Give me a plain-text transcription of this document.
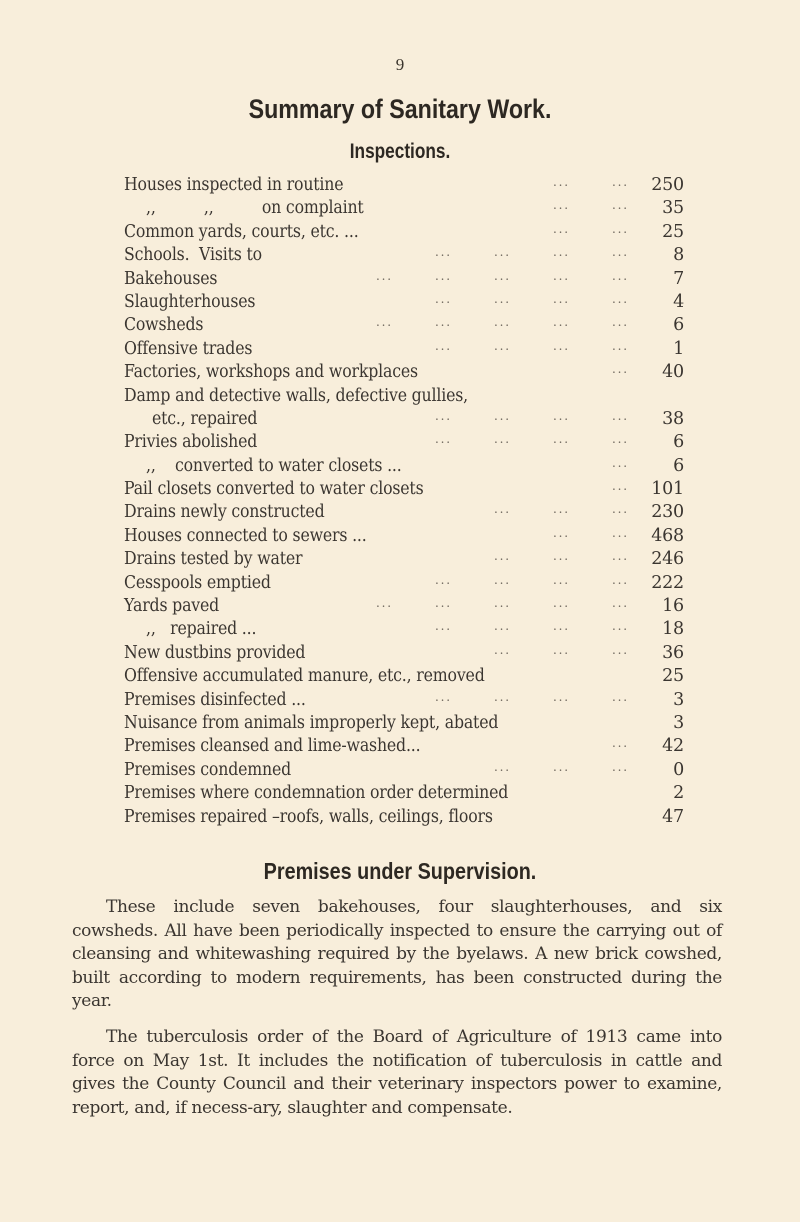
9
Summary of Sanitary Work.
Inspections.
Houses inspected in routine	. . .	. . .	250
,,          ,,          on complaint	. . .	. . .	35
Common yards, courts, etc. ...	. . .	. . .	25
Schools.  Visits to	. . .	. . .	. . .	. . .	8
Bakehouses	. . .	. . .	. . .	. . .	. . .	7
Slaughterhouses	. . .	. . .	. . .	. . .	4
Cowsheds	. . .	. . .	. . .	. . .	. . .	6
Offensive trades	. . .	. . .	. . .	. . .	1
Factories, workshops and workplaces	. . .	40
Damp and detective walls, defective gullies,
etc., repaired	. . .	. . .	. . .	. . .	38
Privies abolished	. . .	. . .	. . .	. . .	6
,,    converted to water closets ...	. . .	6
Pail closets converted to water closets	. . .	101
Drains newly constructed	. . .	. . .	. . .	230
Houses connected to sewers ...	. . .	. . .	468
Drains tested by water	. . .	. . .	. . .	246
Cesspools emptied	. . .	. . .	. . .	. . .	222
Yards paved	. . .	. . .	. . .	. . .	. . .	16
,,   repaired ...	. . .	. . .	. . .	. . .	18
New dustbins provided	. . .	. . .	. . .	36
Offensive accumulated manure, etc., removed	25
Premises disinfected ...	. . .	. . .	. . .	. . .	3
Nuisance from animals improperly kept, abated	3
Premises cleansed and lime-washed...	. . .	42
Premises condemned	. . .	. . .	. . .	0
Premises where condemnation order determined	2
Premises repaired –roofs, walls, ceilings, floors	47
Premises under Supervision.
These include seven bakehouses, four slaughterhouses, and six cowsheds. All have been periodically inspected to ensure the carrying out of cleansing and whitewashing required by the byelaws. A new brick cowshed, built according to modern requirements, has been constructed during the year.
The tuberculosis order of the Board of Agriculture of 1913 came into force on May 1st. It includes the notification of tuberculosis in cattle and gives the County Council and their veterinary inspectors power to examine, report, and, if necess-ary, slaughter and compensate.
